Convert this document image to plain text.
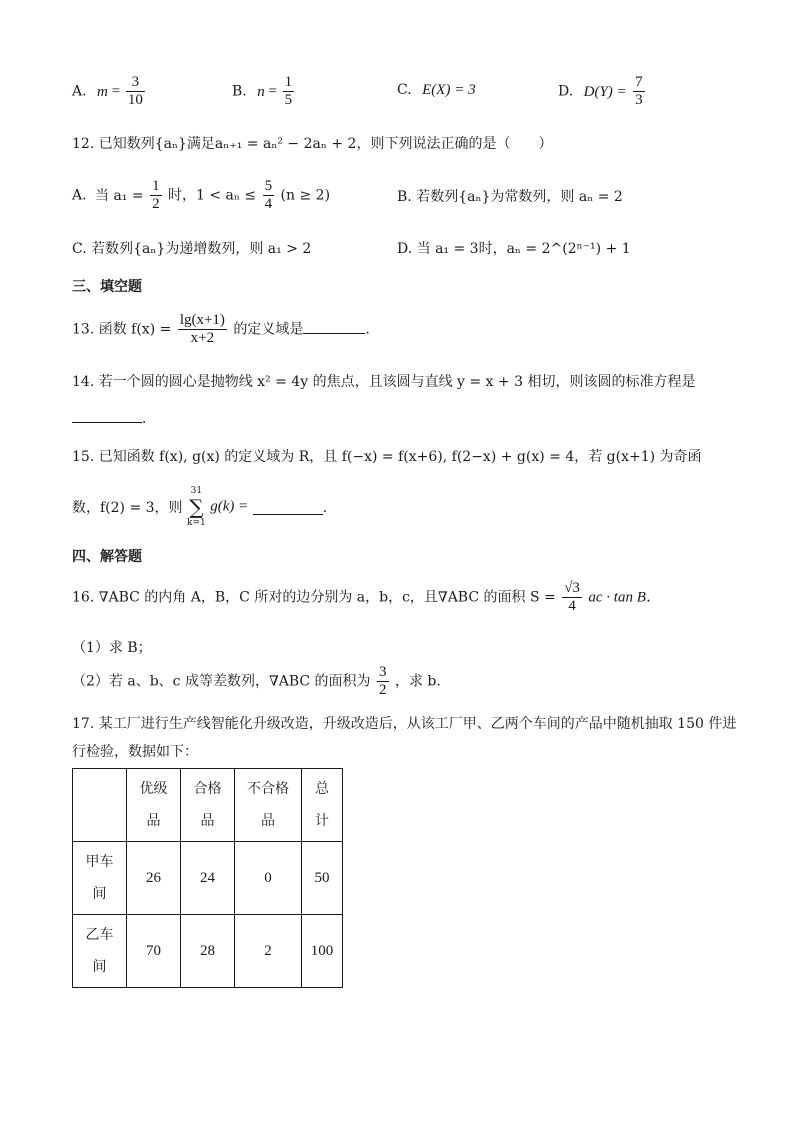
A. $m = \frac{3}{10}$	B. $n = \frac{1}{5}$	C. E(X) = 3	D. $D(Y) = \frac{7}{3}$
12. 已知数列{aₙ}满足aₙ₊₁ = aₙ² − 2aₙ + 2，则下列说法正确的是（　　）
A. 当 $a_1 = \frac{1}{2}$ 时，$1 < a_n \le \frac{5}{4} (n \ge 2)$	B. 若数列{aₙ}为常数列，则 aₙ = 2
C. 若数列{aₙ}为递增数列，则 a₁ > 2	D. 当 a₁ = 3时，aₙ = 2^(2ⁿ⁻¹) + 1
三、填空题
13. 函数 $f(x) = \frac{\lg(x+1)}{x+2}$ 的定义域是	．
14. 若一个圆的圆心是抛物线 x² = 4y 的焦点，且该圆与直线 y = x + 3 相切，则该圆的标准方程是
．
15. 已知函数 f(x), g(x) 的定义域为 R，且 f(−x) = f(x+6), f(2−x) + g(x) = 4，若 g(x+1) 为奇函
数，f(2) = 3，则
31
∑
k=1
g(k) =	．
四、解答题
16. ∇ABC 的内角 A，B，C 所对的边分别为 a，b，c，且∇ABC 的面积 $S = \frac{√3}{4}$ ac · tan B．
（1）求 B；
（2）若 a、b、c 成等差数列，∇ABC 的面积为 $\frac{3}{2}$ ，求 b.
17. 某工厂进行生产线智能化升级改造，升级改造后，从该工厂甲、乙两个车间的产品中随机抽取 150 件进
行检验，数据如下：

	优级品	合格品	不合格品	总计

甲车间	26	24	0	50

乙车间	70	28	2	100
